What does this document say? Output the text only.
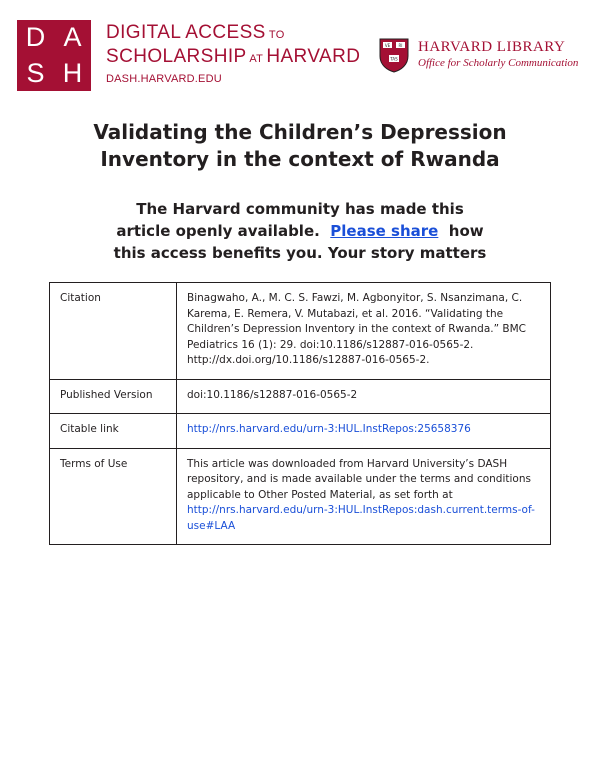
D A
S H
DIGITAL ACCESS TO
SCHOLARSHIP AT HARVARD
DASH.HARVARD.EDU
VE RI
TAS
HARVARD LIBRARY
Office for Scholarly Communication
Validating the Children’s Depression
Inventory in the context of Rwanda
The Harvard community has made this
article openly available. Please share how
this access benefits you. Your story matters
Citation	Binagwaho, A., M. C. S. Fawzi, M. Agbonyitor, S. Nsanzimana, C. Karema, E. Remera, V. Mutabazi, et al. 2016. “Validating the Children’s Depression Inventory in the context of Rwanda.” BMC Pediatrics 16 (1): 29. doi:10.1186/s12887-016-0565-2. http://dx.doi.org/10.1186/s12887-016-0565-2.
Published Version	doi:10.1186/s12887-016-0565-2
Citable link	http://nrs.harvard.edu/urn-3:HUL.InstRepos:25658376
Terms of Use	This article was downloaded from Harvard University’s DASH repository, and is made available under the terms and conditions applicable to Other Posted Material, as set forth at http://nrs.harvard.edu/urn-3:HUL.InstRepos:dash.current.terms-of-use#LAA
